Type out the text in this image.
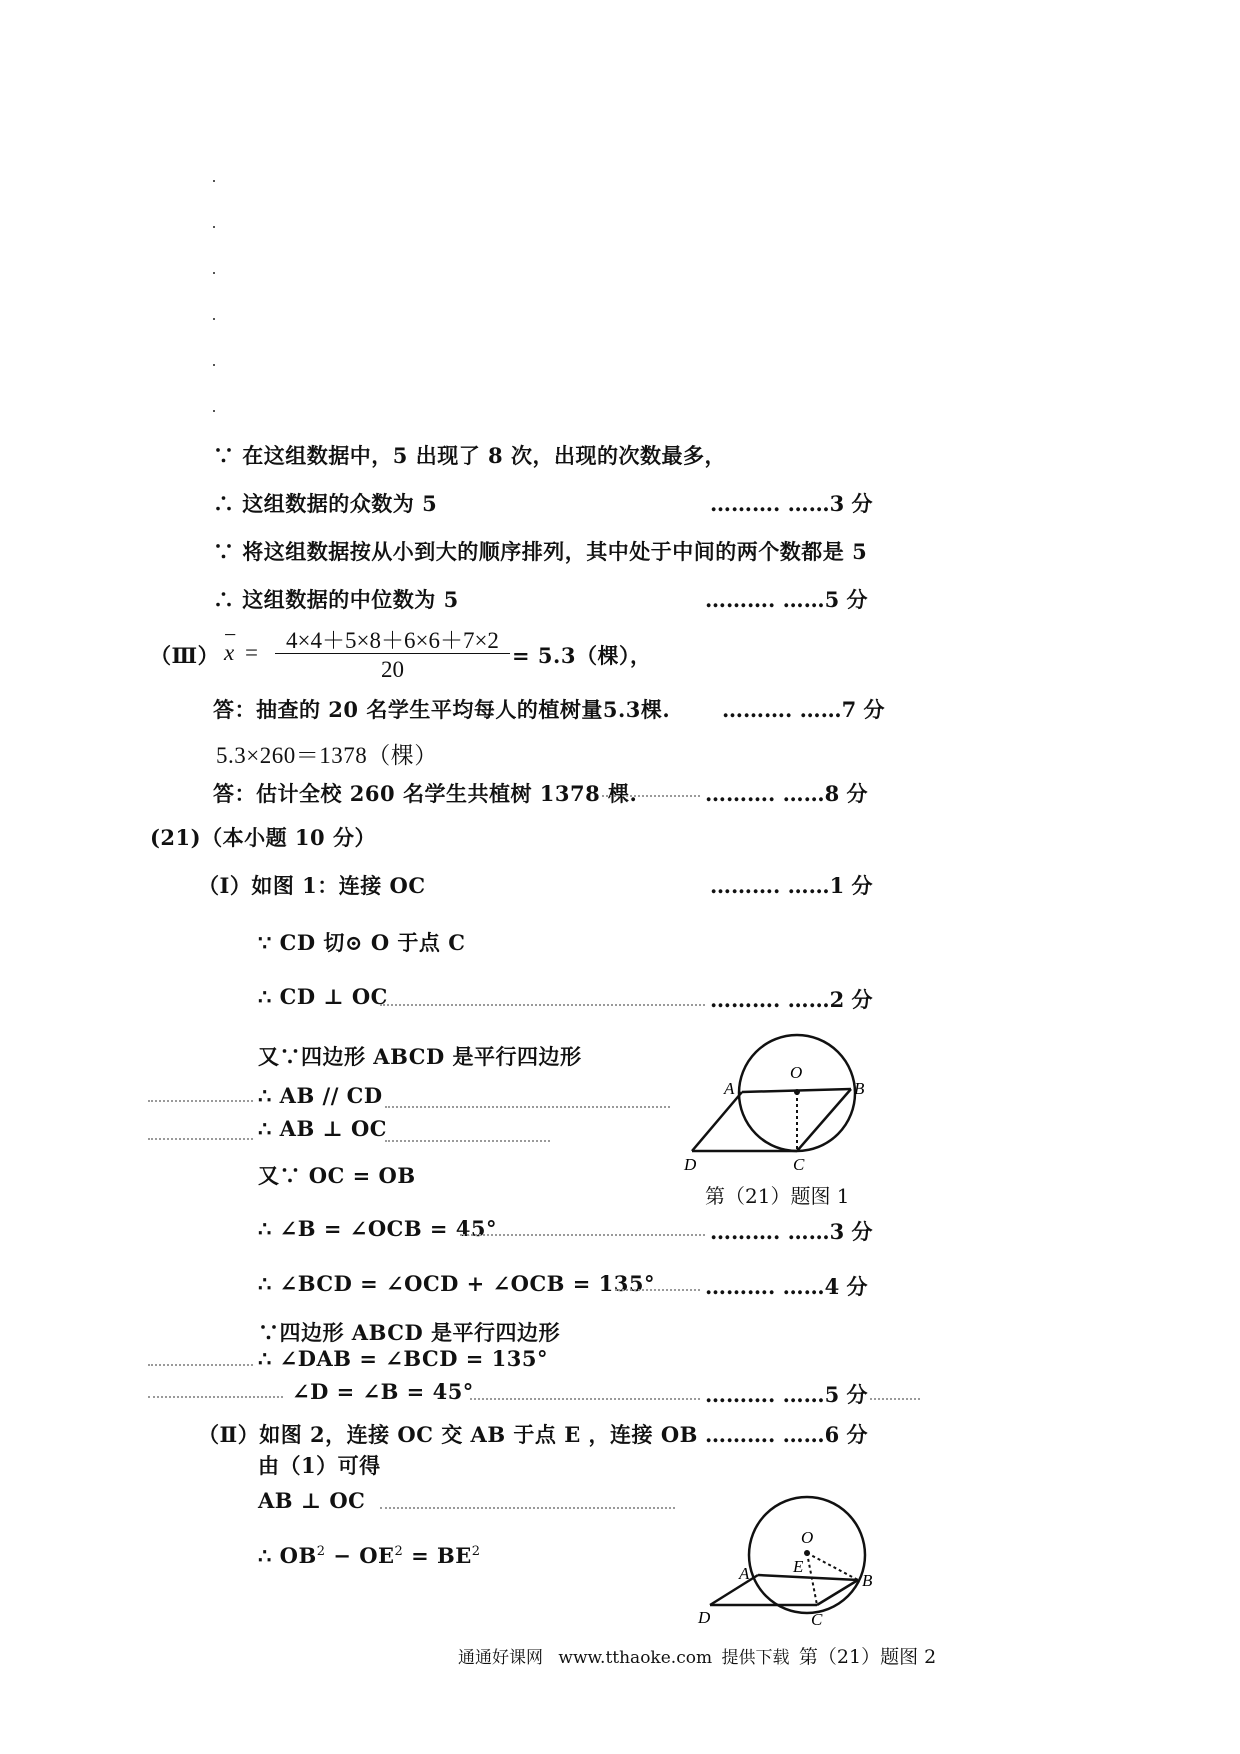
∵ 在这组数据中，5 出现了 8 次，出现的次数最多，
∴ 这组数据的众数为 5	………. ……3 分
∵ 将这组数据按从小到大的顺序排列，其中处于中间的两个数都是 5
∴ 这组数据的中位数为 5	………. ……5 分
（Ⅲ）
−
x =	4×4＋5×8＋6×6＋7×2
20
= 5.3（棵），
答：抽查的 20 名学生平均每人的植树量5.3棵. ………. ……7 分
5.3×260＝1378（棵）
答：估计全校 260 名学生共植树 1378 棵.	………. ……8 分
(21)（本小题 10 分）
（Ⅰ）如图 1：连接 OC	………. ……1 分
∵ CD 切⊙ O 于点 C
∴ CD ⊥ OC	………. ……2 分
又∵四边形 ABCD 是平行四边形
∴ AB // CD
∴ AB ⊥ OC
又∵ OC = OB
A
O
B
D	C
第（21）题图 1
∴ ∠B = ∠OCB = 45°	………. ……3 分
∴ ∠BCD = ∠OCD + ∠OCB = 135° ………. ……4 分
∵四边形 ABCD 是平行四边形
∴ ∠DAB = ∠BCD = 135°
∠D = ∠B = 45°	………. ……5 分
（Ⅱ）如图 2，连接 OC 交 AB 于点 E ，连接 OB ………. ……6 分
由（1）可得
AB ⊥ OC
∴ $OB^2 - OE^2 = BE^2$
O
E
A	B
D	C
通通好课网 www.tthaoke.com 提供下载 第（21）题图 2
